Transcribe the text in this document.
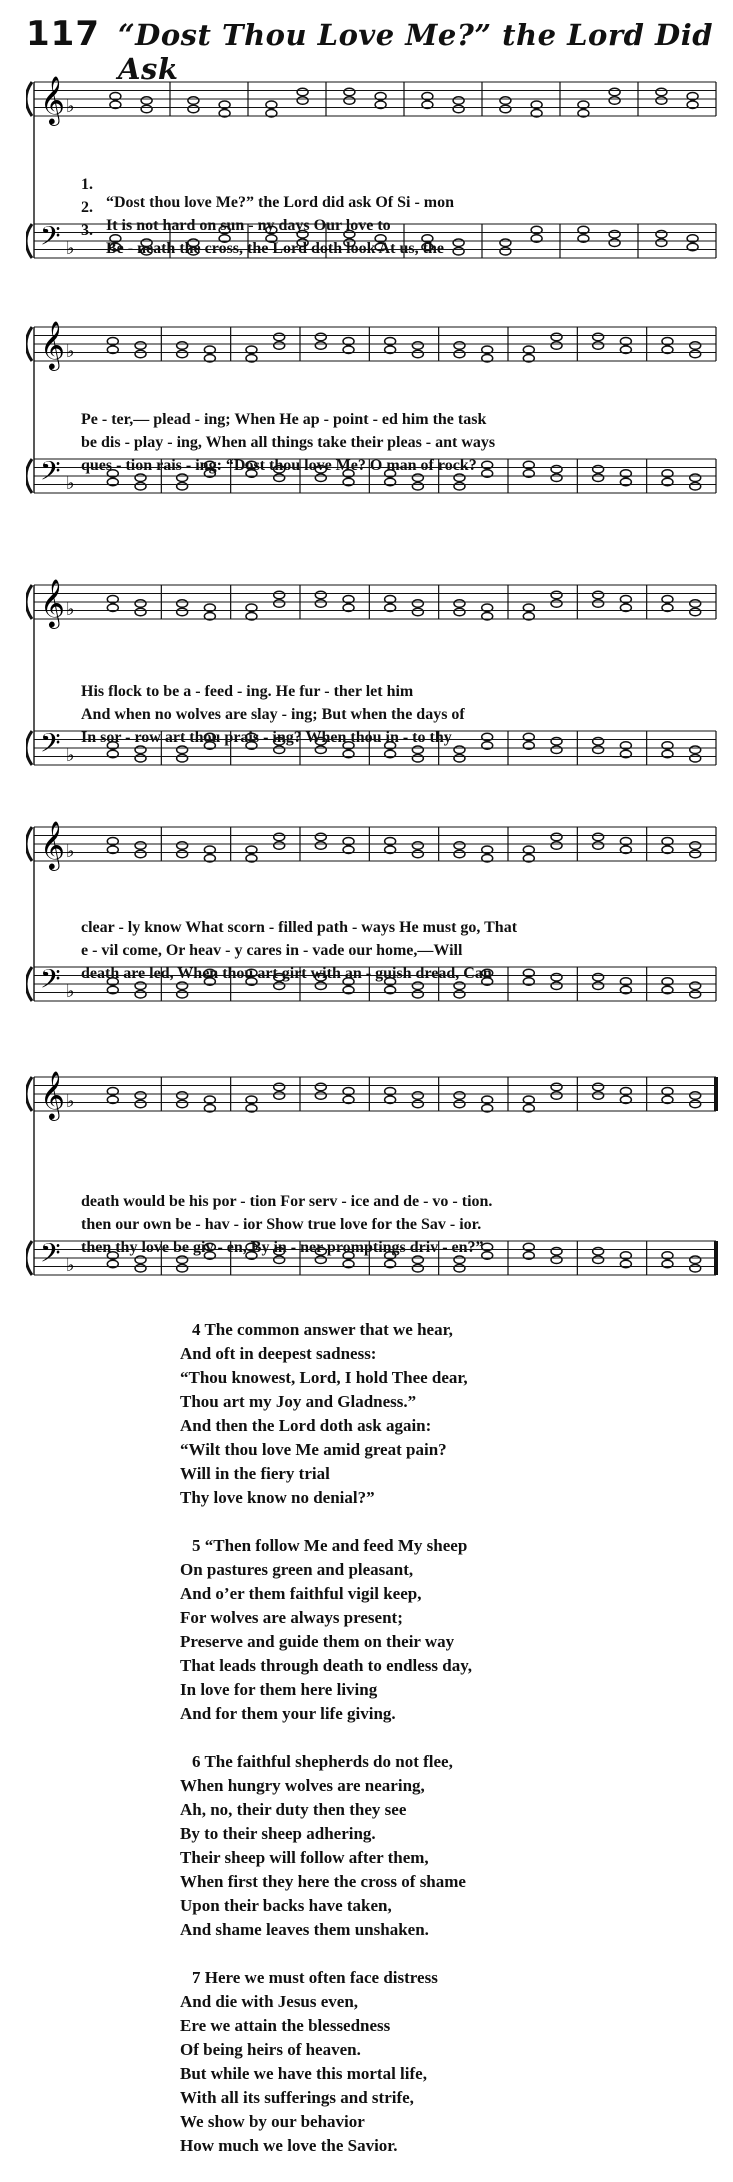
117 “Dost Thou Love Me?” the Lord Did Ask
𝄞
𝄢
♭
♭

1.

“Dost thou love Me?” the Lord did ask Of Si - mon

2.

It is not hard on sun - ny days Our love to

3.

Be - neath the cross, the Lord doth look At us, the

𝄞
𝄢
♭
♭

Pe - ter,— plead - ing; When He ap - point - ed him the task

be dis - play - ing, When all things take their pleas - ant ways

ques - tion rais - ing: “Dost thou love Me? O man of rock?

𝄞
𝄢
♭
♭

His flock to be a - feed - ing. He fur - ther let him

And when no wolves are slay - ing; But when the days of

In sor - row art thou prais - ing? When thou in - to thy

𝄞
𝄢
♭
♭

clear - ly know What scorn - filled path - ways He must go, That

e - vil come, Or heav - y cares in - vade our home,—Will

death are led, When thou art girt with an - guish dread, Can

𝄞
𝄢
♭
♭

death would be his por - tion For serv - ice and de - vo - tion.

then our own be - hav - ior Show true love for the Sav - ior.

then thy love be giv - en, By in - ner promptings driv - en?”

4 The common answer that we hear,
And oft in deepest sadness:
“Thou knowest, Lord, I hold Thee dear,
Thou art my Joy and Gladness.”
And then the Lord doth ask again:
“Wilt thou love Me amid great pain?
Will in the fiery trial
Thy love know no denial?”
5 “Then follow Me and feed My sheep
On pastures green and pleasant,
And o’er them faithful vigil keep,
For wolves are always present;
Preserve and guide them on their way
That leads through death to endless day,
In love for them here living
And for them your life giving.
6 The faithful shepherds do not flee,
When hungry wolves are nearing,
Ah, no, their duty then they see
By to their sheep adhering.
Their sheep will follow after them,
When first they here the cross of shame
Upon their backs have taken,
And shame leaves them unshaken.
7 Here we must often face distress
And die with Jesus even,
Ere we attain the blessedness
Of being heirs of heaven.
But while we have this mortal life,
With all its sufferings and strife,
We show by our behavior
How much we love the Savior.
